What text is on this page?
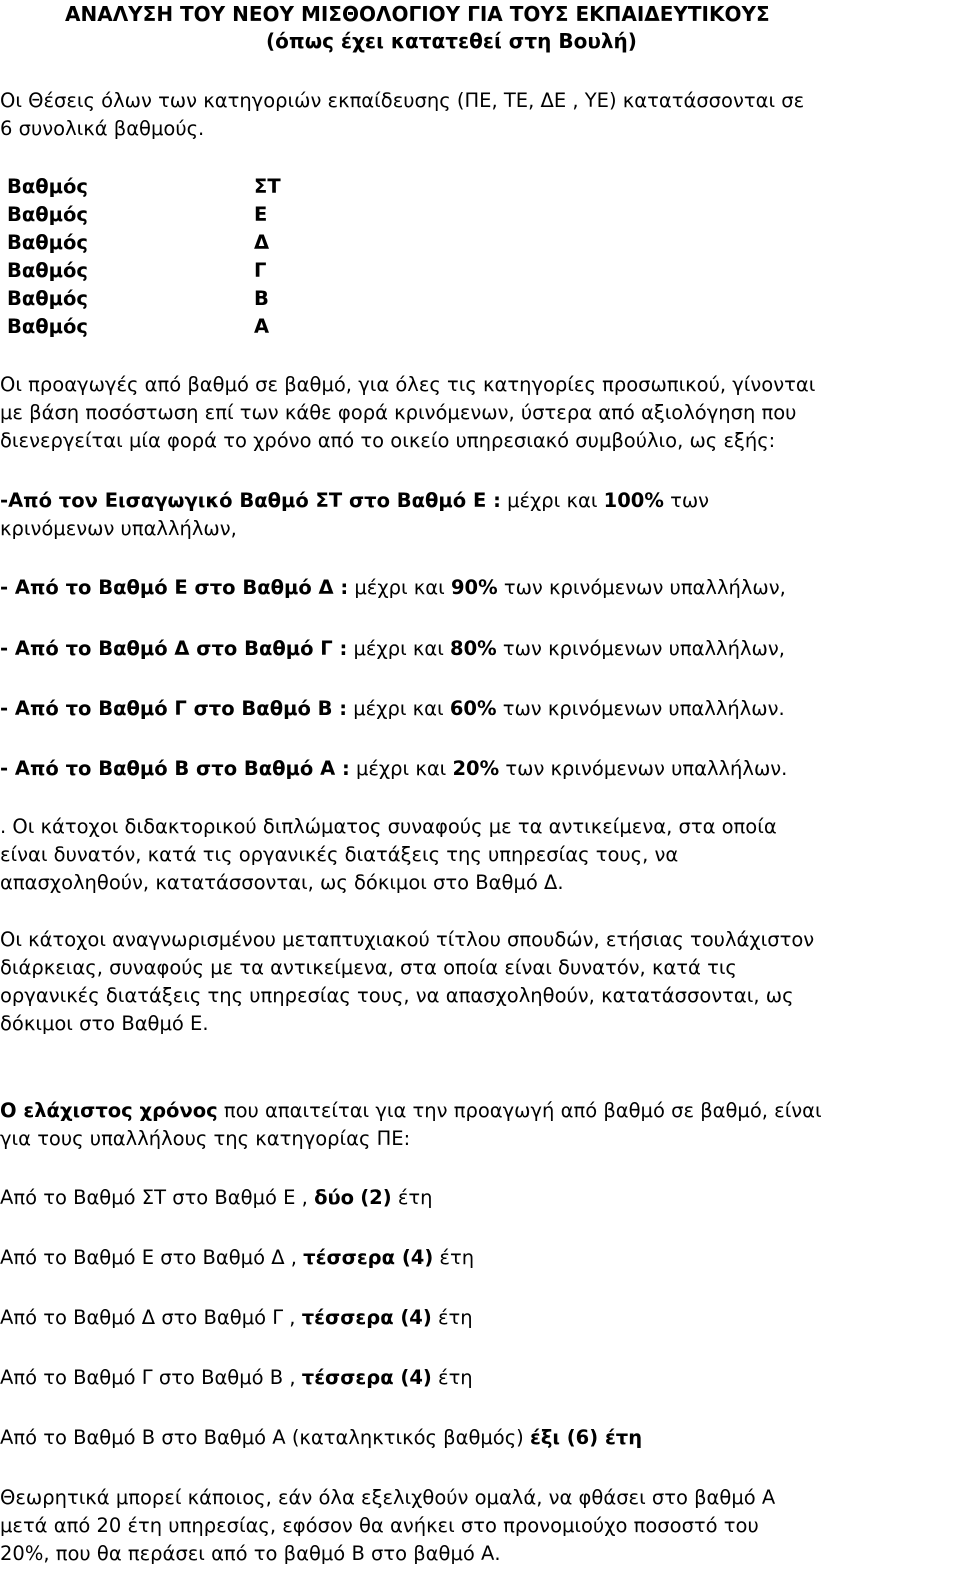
ΑΝΑΛΥΣΗ ΤΟΥ ΝΕΟΥ ΜΙΣΘΟΛΟΓΙΟΥ ΓΙΑ ΤΟΥΣ ΕΚΠΑΙΔΕΥΤΙΚΟΥΣ
(όπως έχει κατατεθεί στη Βουλή)
Οι Θέσεις όλων των κατηγοριών εκπαίδευσης (ΠΕ, ΤΕ, ΔΕ , ΥΕ) κατατάσσονται σε
6 συνολικά βαθμούς.
Βαθμός	ΣΤ
Βαθμός	Ε
Βαθμός	Δ
Βαθμός	Γ
Βαθμός	Β
Βαθμός	Α
Οι προαγωγές από βαθμό σε βαθμό, για όλες τις κατηγορίες προσωπικού, γίνονται
με βάση ποσόστωση επί των κάθε φορά κρινόμενων, ύστερα από αξιολόγηση που
διενεργείται μία φορά το χρόνο από το οικείο υπηρεσιακό συμβούλιο, ως εξής:
-Από τον Εισαγωγικό Βαθμό ΣΤ στο Βαθμό Ε : μέχρι και 100% των
κρινόμενων υπαλλήλων,
- Από το Βαθμό Ε στο Βαθμό Δ : μέχρι και 90% των κρινόμενων υπαλλήλων,
- Από το Βαθμό Δ στο Βαθμό Γ : μέχρι και 80% των κρινόμενων υπαλλήλων,
- Από το Βαθμό Γ στο Βαθμό Β : μέχρι και 60% των κρινόμενων υπαλλήλων.
- Από το Βαθμό Β στο Βαθμό Α : μέχρι και 20% των κρινόμενων υπαλλήλων.
. Οι κάτοχοι διδακτορικού διπλώματος συναφούς με τα αντικείμενα, στα οποία
είναι δυνατόν, κατά τις οργανικές διατάξεις της υπηρεσίας τους, να
απασχοληθούν, κατατάσσονται, ως δόκιμοι στο Βαθμό Δ.
Οι κάτοχοι αναγνωρισμένου μεταπτυχιακού τίτλου σπουδών, ετήσιας τουλάχιστον
διάρκειας, συναφούς με τα αντικείμενα, στα οποία είναι δυνατόν, κατά τις
οργανικές διατάξεις της υπηρεσίας τους, να απασχοληθούν, κατατάσσονται, ως
δόκιμοι στο Βαθμό Ε.
Ο ελάχιστος χρόνος που απαιτείται για την προαγωγή από βαθμό σε βαθμό, είναι
για τους υπαλλήλους της κατηγορίας ΠΕ:
Από το Βαθμό ΣΤ στο Βαθμό Ε , δύο (2) έτη
Από το Βαθμό Ε στο Βαθμό Δ , τέσσερα (4) έτη
Από το Βαθμό Δ στο Βαθμό Γ , τέσσερα (4) έτη
Από το Βαθμό Γ στο Βαθμό Β , τέσσερα (4) έτη
Από το Βαθμό Β στο Βαθμό Α (καταληκτικός βαθμός) έξι (6) έτη
Θεωρητικά μπορεί κάποιος, εάν όλα εξελιχθούν ομαλά, να φθάσει στο βαθμό Α
μετά από 20 έτη υπηρεσίας, εφόσον θα ανήκει στο προνομιούχο ποσοστό του
20%, που θα περάσει από το βαθμό Β στο βαθμό Α.
